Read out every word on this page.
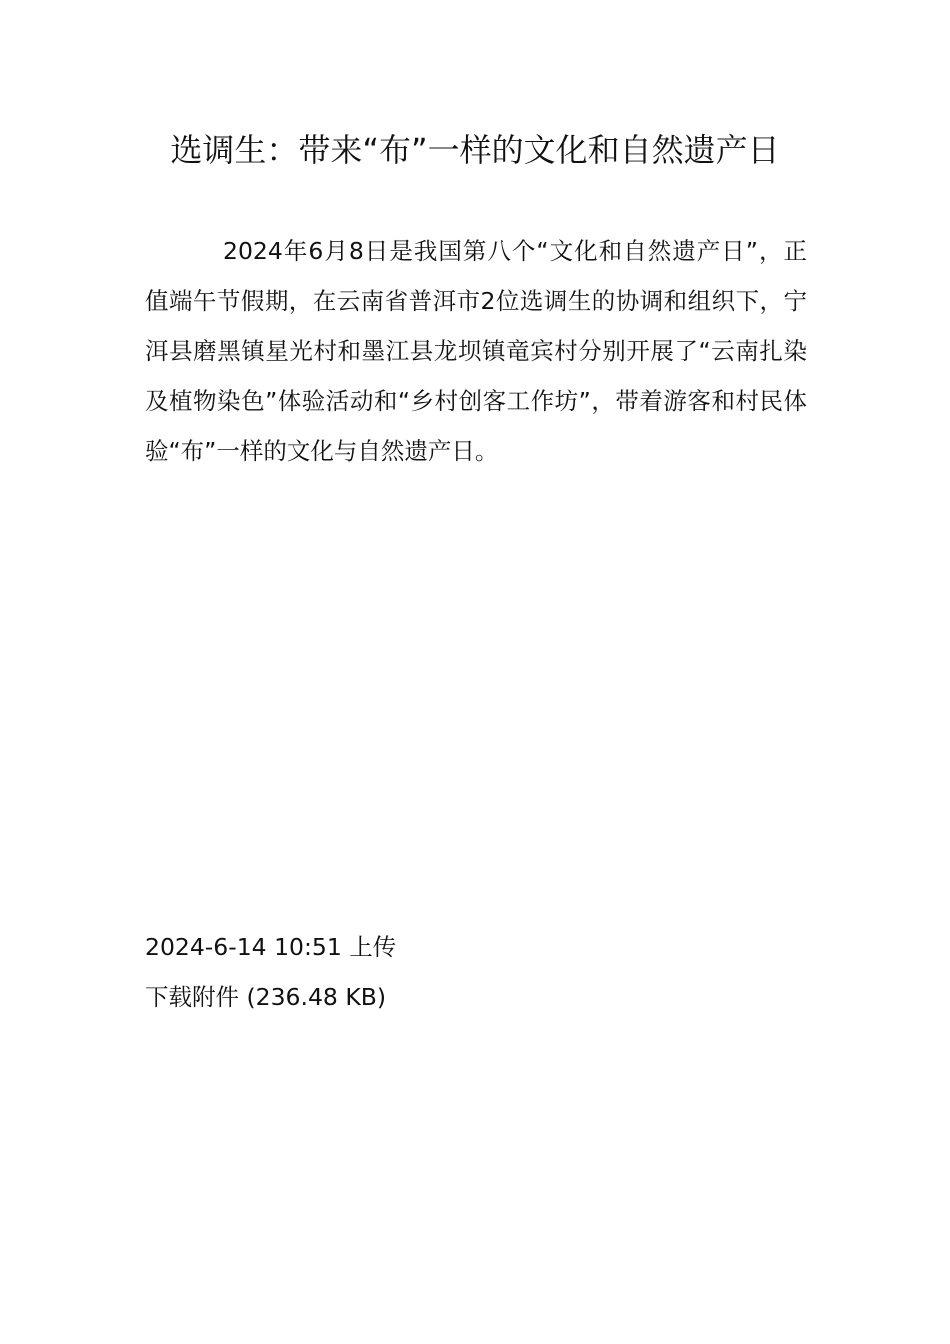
选调生：带来“布”一样的文化和自然遗产日

2024年6月8日是我国第八个“文化和自然遗产日”，正值端午节假期，在云南省普洱市2位选调生的协调和组织下，宁洱县磨黑镇星光村和墨江县龙坝镇竜宾村分别开展了“云南扎染及植物染色”体验活动和“乡村创客工作坊”，带着游客和村民体验“布”一样的文化与自然遗产日。

2024-6-14 10:51 上传
下载附件 (236.48 KB)
